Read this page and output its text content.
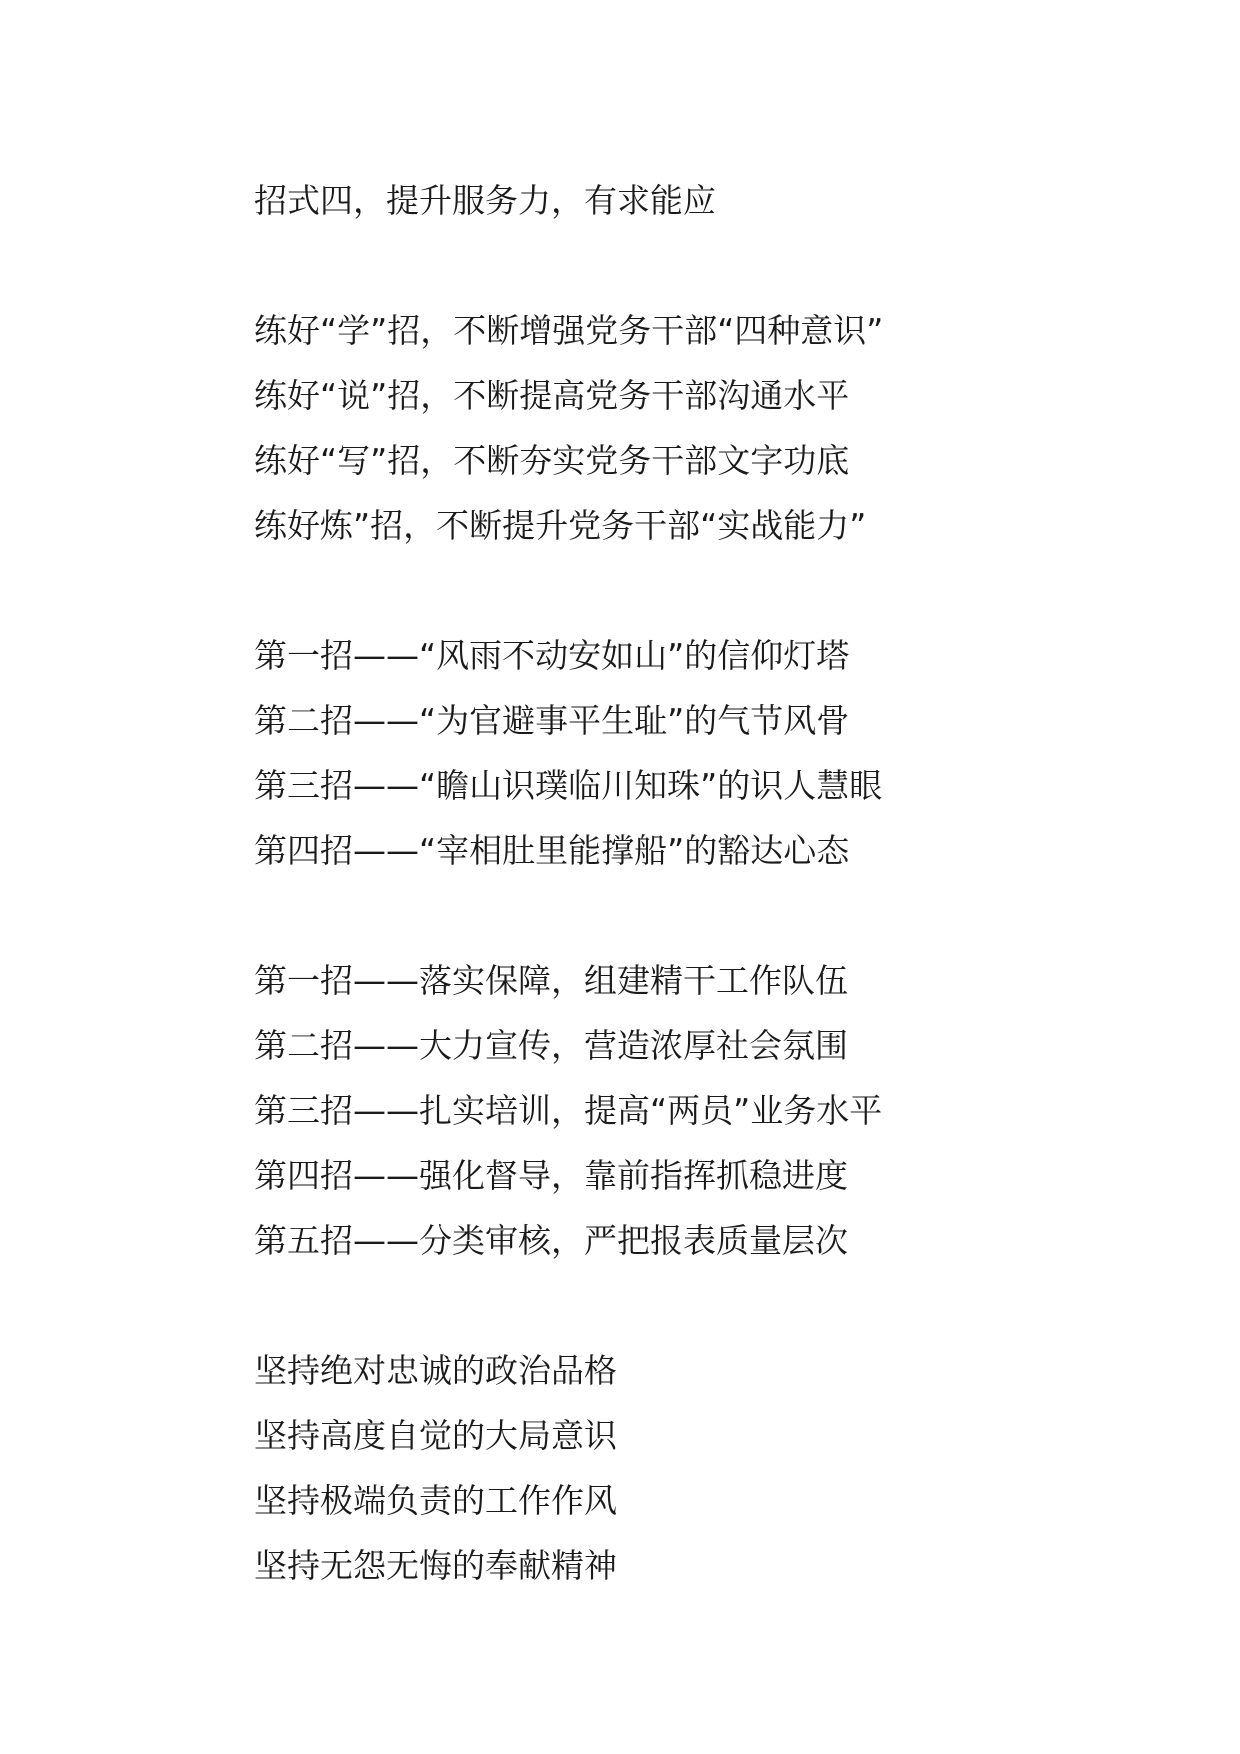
招式四，提升服务力，有求能应
练好“学”招，不断增强党务干部“四种意识”
练好“说”招，不断提高党务干部沟通水平
练好“写”招，不断夯实党务干部文字功底
练好炼”招，不断提升党务干部“实战能力”
第一招——“风雨不动安如山”的信仰灯塔
第二招——“为官避事平生耻”的气节风骨
第三招——“瞻山识璞临川知珠”的识人慧眼
第四招——“宰相肚里能撑船”的豁达心态
第一招——落实保障，组建精干工作队伍
第二招——大力宣传，营造浓厚社会氛围
第三招——扎实培训，提高“两员”业务水平
第四招——强化督导，靠前指挥抓稳进度
第五招——分类审核，严把报表质量层次
坚持绝对忠诚的政治品格
坚持高度自觉的大局意识
坚持极端负责的工作作风
坚持无怨无悔的奉献精神
